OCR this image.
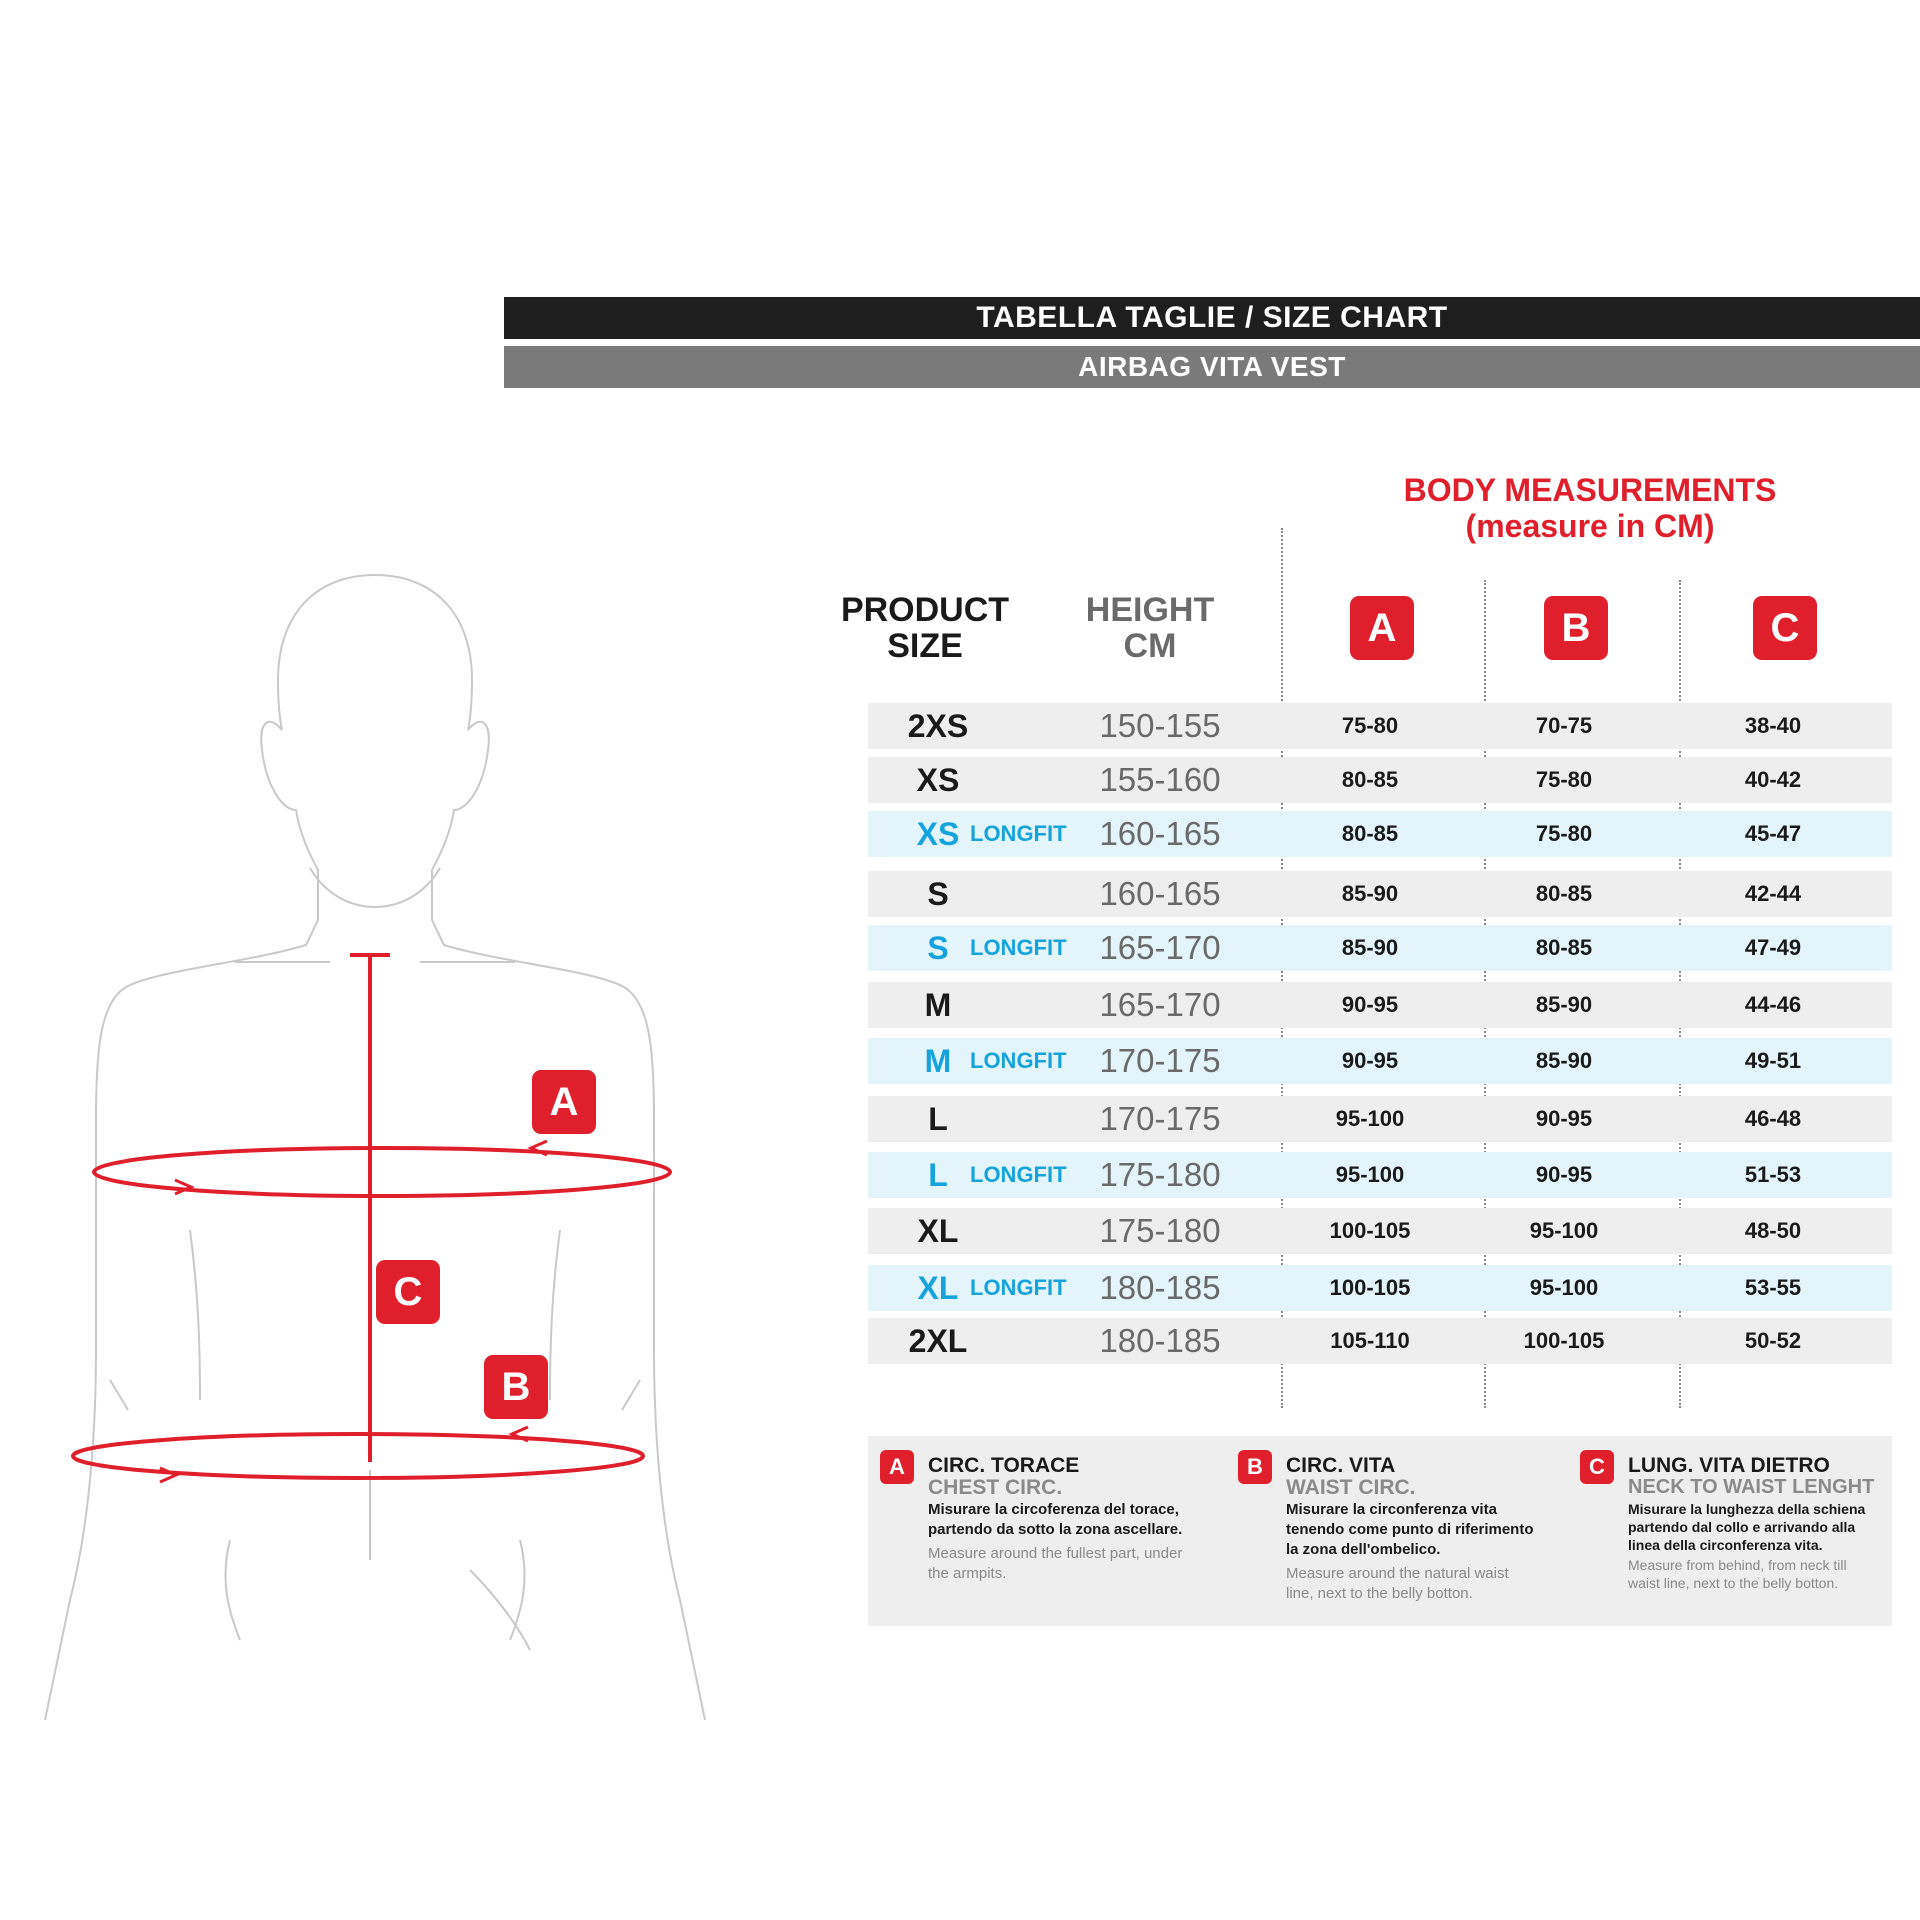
TABELLA TAGLIE / SIZE CHART
AIRBAG VITA VEST
A
C
B
BODY MEASUREMENTS
(measure in CM)
PRODUCT
SIZE
HEIGHT
CM	A	B	C
2XS	150-155	75-80	70-75	38-40
XS	155-160	80-85	75-80	40-42
XS LONGFIT 160-165	80-85	75-80	45-47
S	160-165	85-90	80-85	42-44
S LONGFIT 165-170	85-90	80-85	47-49
M	165-170	90-95	85-90	44-46
M LONGFIT 170-175	90-95	85-90	49-51
L	170-175	95-100	90-95	46-48
L	LONGFIT 175-180	95-100	90-95	51-53
XL	175-180	100-105	95-100	48-50
XL LONGFIT 180-185	100-105	95-100	53-55
2XL	180-185	105-110	100-105	50-52
A	CIRC. TORACE
CHEST CIRC.
Misurare la circoferenza del torace,
partendo da sotto la zona ascellare.
Measure around the fullest part, under
the armpits.
B	CIRC. VITA
WAIST CIRC.
Misurare la circonferenza vita
tenendo come punto di riferimento
la zona dell'ombelico.
Measure around the natural waist
line, next to the belly botton.
C	LUNG. VITA DIETRO
NECK TO WAIST LENGHT
Misurare la lunghezza della schiena
partendo dal collo e arrivando alla
linea della circonferenza vita.
Measure from behind, from neck till
waist line, next to the belly botton.
